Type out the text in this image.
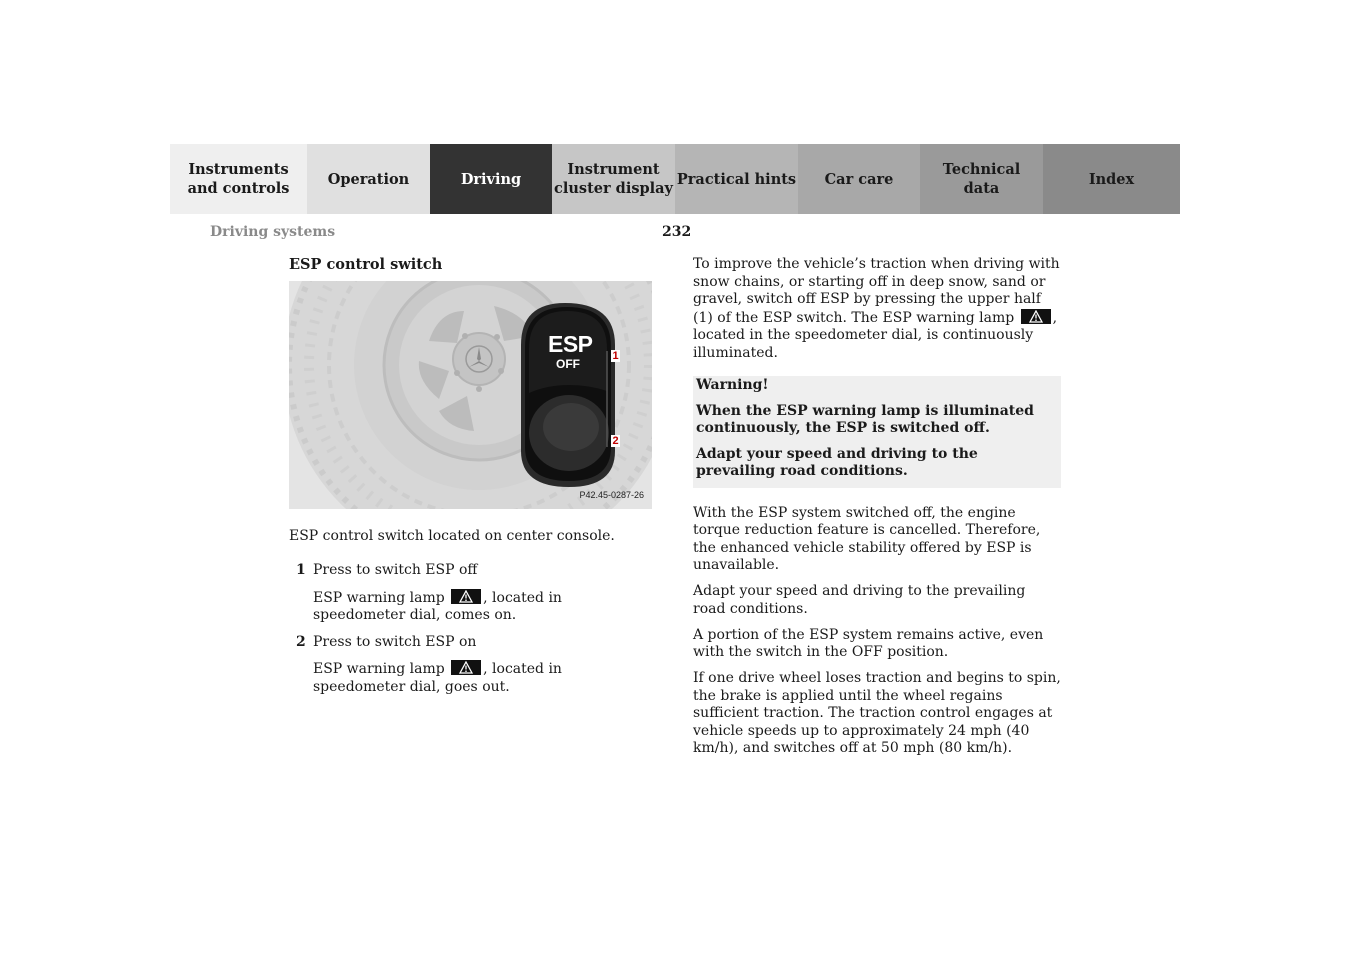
Instruments
and controls
Operation	Driving
Instrument
cluster display
Practical hints	Car care
Technical
data
Index
Driving systems	232
ESP control switch
P42.45-0287-26
ESP control switch located on center console.
1 Press to switch ESP off
ESP warning lamp	, located in speedometer dial, comes on.
2 Press to switch ESP on
ESP warning lamp	, located in speedometer dial, goes out.
ESP
OFF
1
2

To improve the vehicle’s traction when driving with snow chains, or starting off in deep snow, sand or gravel, switch off ESP by pressing the upper half (1) of the ESP switch. The ESP warning lamp	, located in the speedometer dial, is continuously illuminated.

Warning!

When the ESP warning lamp is illuminated continuously, the ESP is switched off.

Adapt your speed and driving to the prevailing road conditions.

With the ESP system switched off, the engine torque reduction feature is cancelled. Therefore, the enhanced vehicle stability offered by ESP is unavailable.

Adapt your speed and driving to the prevailing road conditions.

A portion of the ESP system remains active, even with the switch in the OFF position.

If one drive wheel loses traction and begins to spin, the brake is applied until the wheel regains sufficient traction. The traction control engages at vehicle speeds up to approximately 24 mph (40 km/h), and switches off at 50 mph (80 km/h).
